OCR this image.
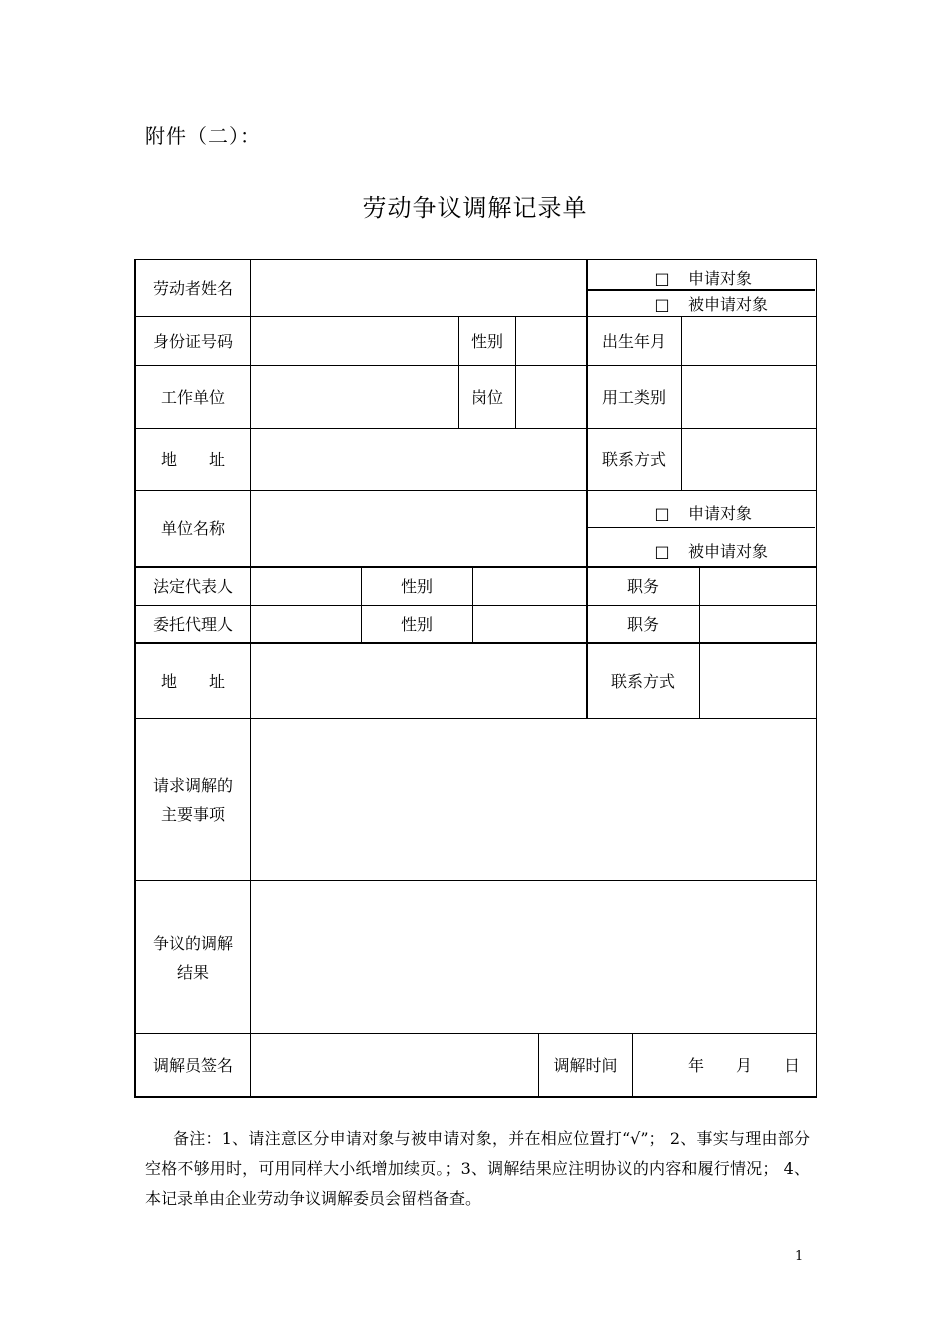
附件（二）：
劳动争议调解记录单
劳动者姓名
□	申请对象
□	被申请对象
身份证号码	性别	出生年月
工作单位	岗位	用工类别
地　　址	联系方式
单位名称
□	申请对象
□	被申请对象
法定代表人	性别	职务
委托代理人	性别	职务
地　　址	联系方式
请求调解的
主要事项
争议的调解
结果
调解员签名	调解时间	年　　月　　日
备注：1、请注意区分申请对象与被申请对象，并在相应位置打“√”； 2、事实与理由部分空格不够用时，可用同样大小纸增加续页。；3、调解结果应注明协议的内容和履行情况； 4、本记录单由企业劳动争议调解委员会留档备查。
1
